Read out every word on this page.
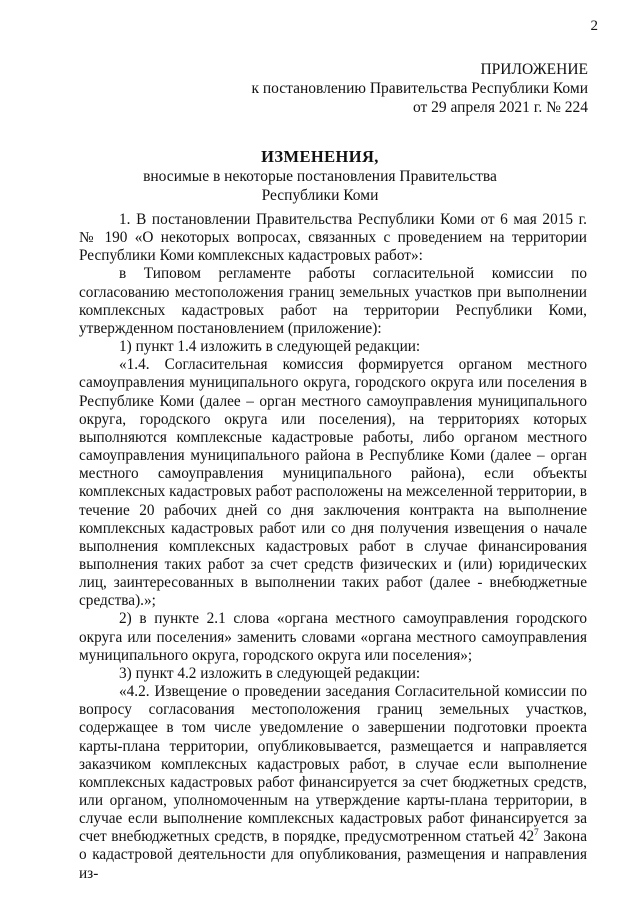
2
ПРИЛОЖЕНИЕ
к постановлению Правительства Республики Коми
от 29 апреля 2021 г. № 224
ИЗМЕНЕНИЯ,
вносимые в некоторые постановления Правительства
Республики Коми

1. В постановлении Правительства Республики Коми от 6 мая 2015 г. № 190 «О некоторых вопросах, связанных с проведением на территории Республики Коми комплексных кадастровых работ»:

в Типовом регламенте работы согласительной комиссии по согласованию местоположения границ земельных участков при выполнении комплексных кадастровых работ на территории Республики Коми, утвержденном постановлением (приложение):

1) пункт 1.4 изложить в следующей редакции:

«1.4. Согласительная комиссия формируется органом местного самоуправления муниципального округа, городского округа или поселения в Республике Коми (далее – орган местного самоуправления муниципального округа, городского округа или поселения), на территориях которых выполняются комплексные кадастровые работы, либо органом местного самоуправления муниципального района в Республике Коми (далее – орган местного самоуправления муниципального района), если объекты комплексных кадастровых работ расположены на межселенной территории, в течение 20 рабочих дней со дня заключения контракта на выполнение комплексных кадастровых работ или со дня получения извещения о начале выполнения комплексных кадастровых работ в случае финансирования выполнения таких работ за счет средств физических и (или) юридических лиц, заинтересованных в выполнении таких работ (далее - внебюджетные средства).»;

2) в пункте 2.1 слова «органа местного самоуправления городского округа или поселения» заменить словами «органа местного самоуправления муниципального округа, городского округа или поселения»;

3) пункт 4.2 изложить в следующей редакции:

«4.2. Извещение о проведении заседания Согласительной комиссии по вопросу согласования местоположения границ земельных участков, содержащее в том числе уведомление о завершении подготовки проекта карты-плана территории, опубликовывается, размещается и направляется заказчиком комплексных кадастровых работ, в случае если выполнение комплексных кадастровых работ финансируется за счет бюджетных средств, или органом, уполномоченным на утверждение карты-плана территории, в случае если выполнение комплексных кадастровых работ финансируется за счет внебюджетных средств, в порядке, предусмотренном статьей $42^7$ Закона о кадастровой деятельности для опубликования, размещения и направления из-
